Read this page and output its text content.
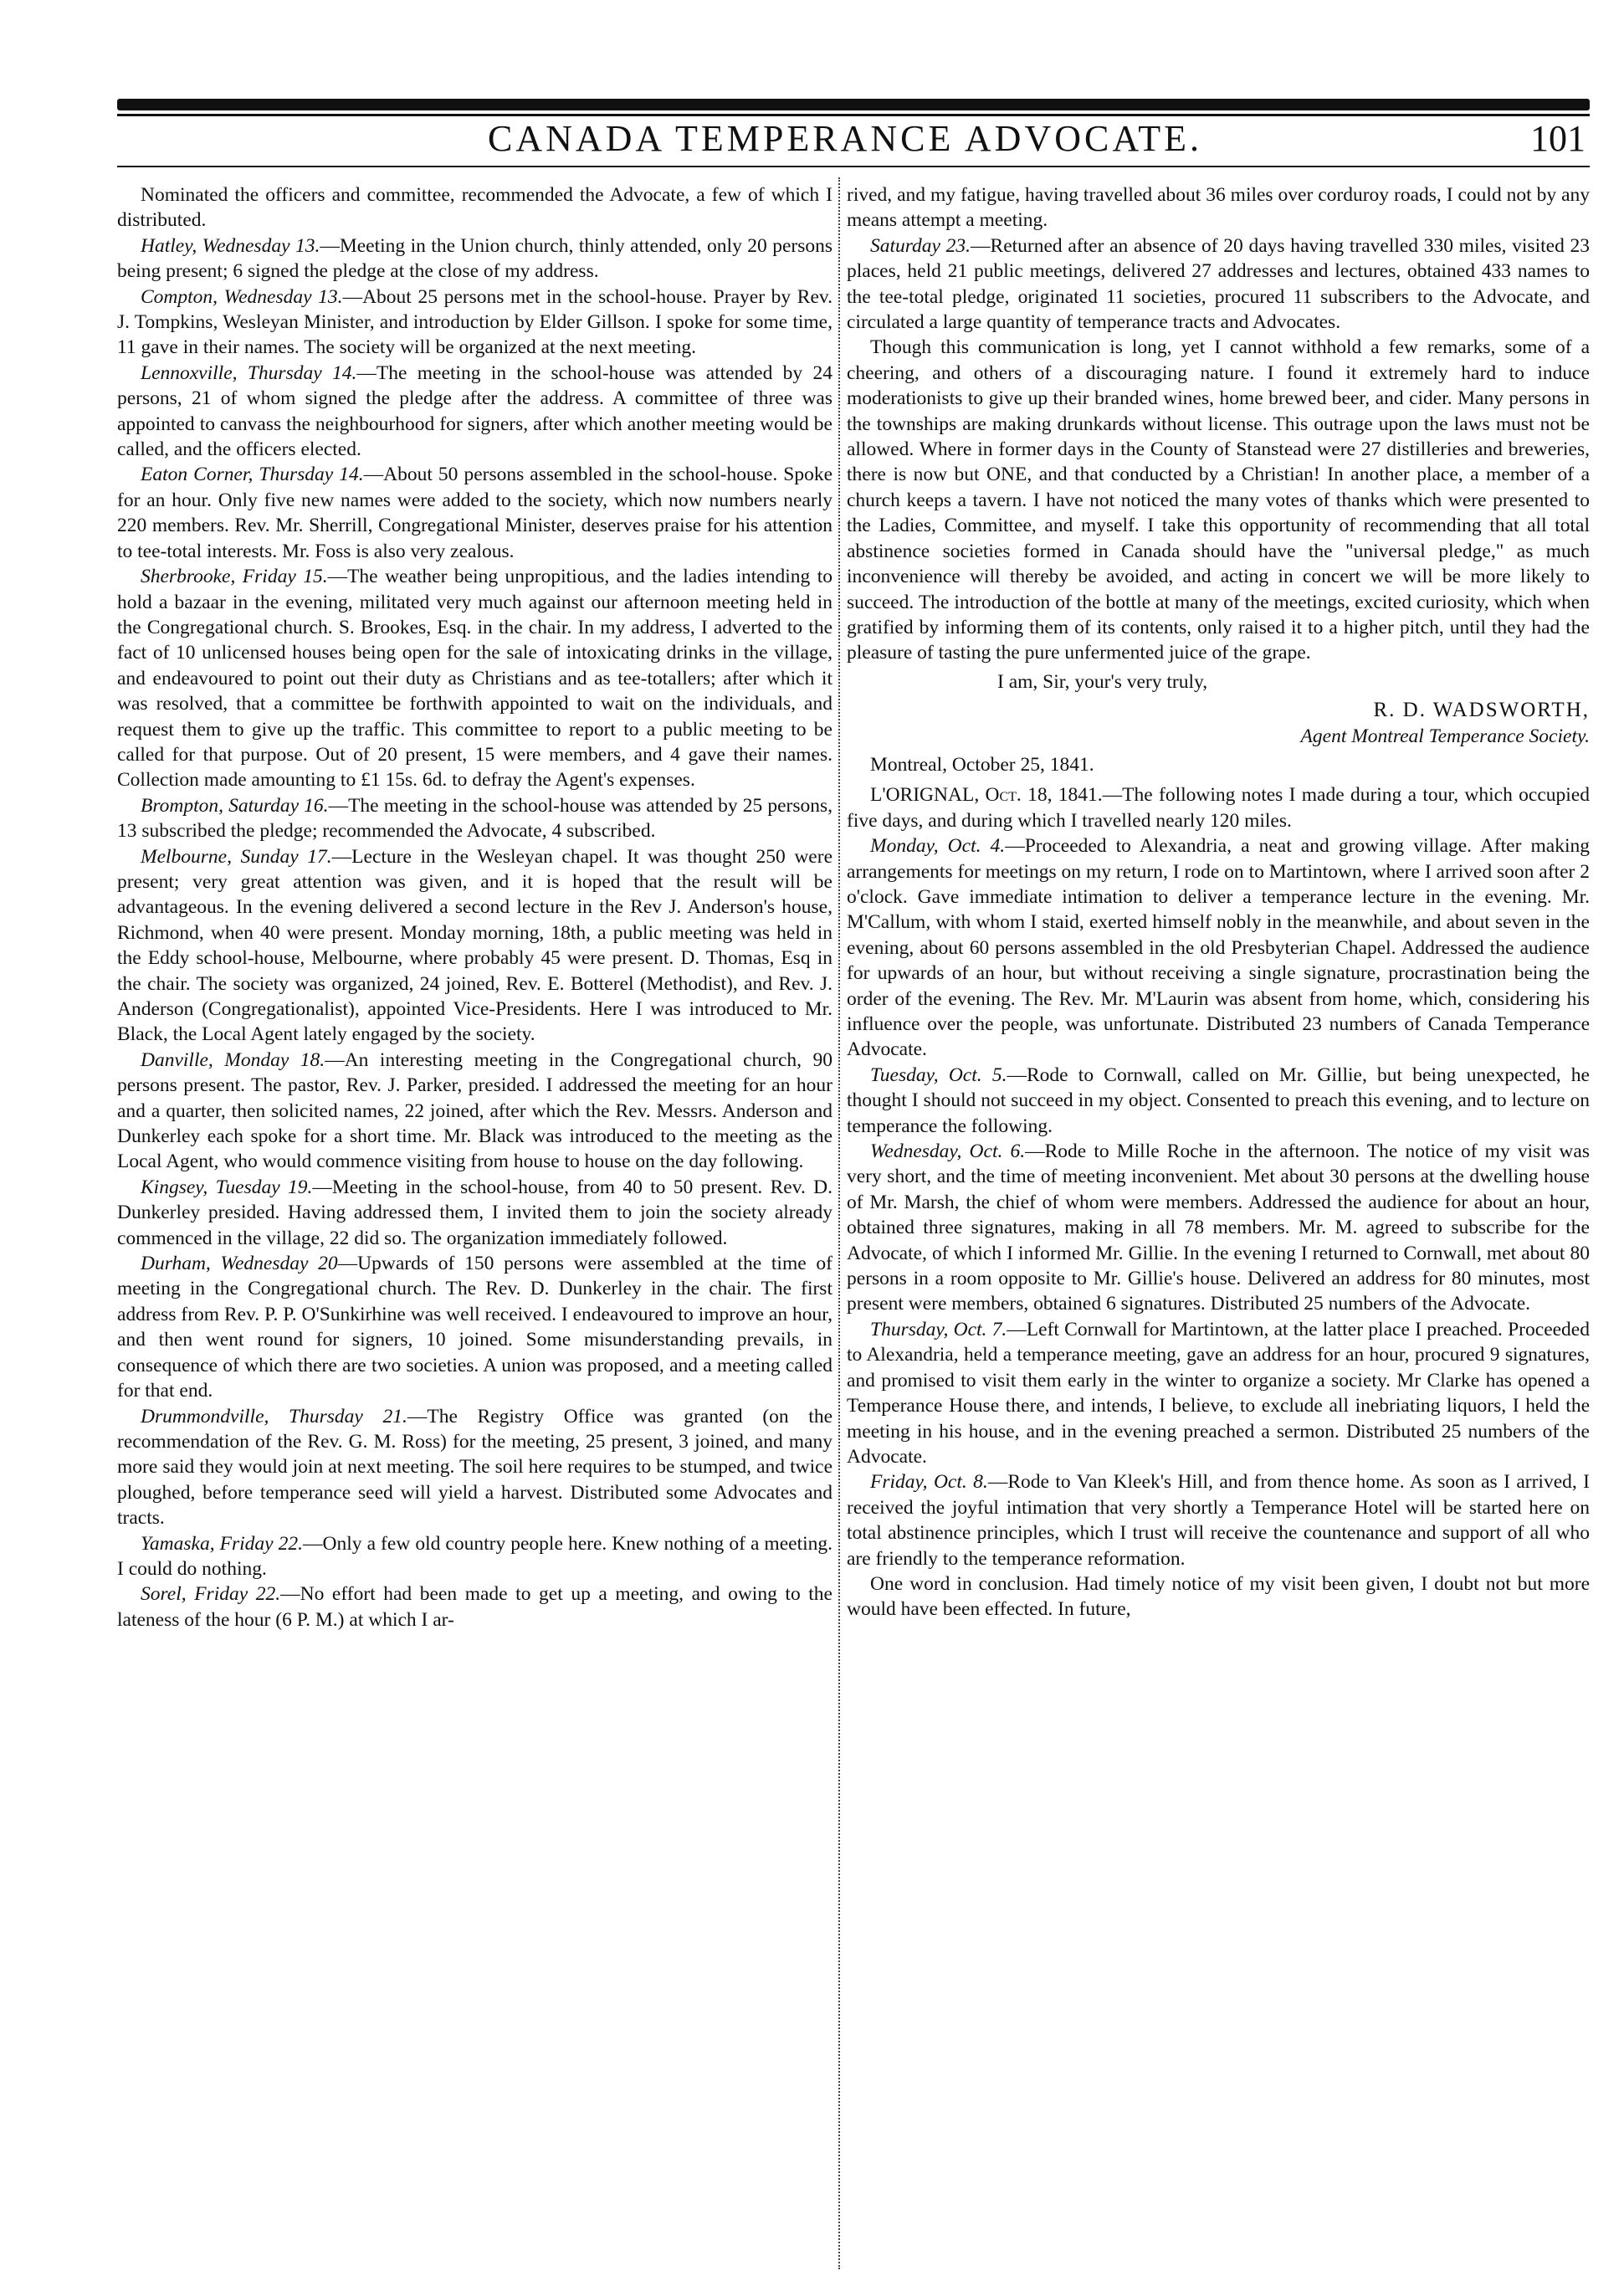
CANADA TEMPERANCE ADVOCATE.	101

Nominated the officers and committee, recommended the Advocate, a few of which I distributed.

Hatley, Wednesday 13.—Meeting in the Union church, thinly attended, only 20 persons being present; 6 signed the pledge at the close of my address.

Compton, Wednesday 13.—About 25 persons met in the school-house. Prayer by Rev. J. Tompkins, Wesleyan Minister, and introduction by Elder Gillson. I spoke for some time, 11 gave in their names. The society will be organized at the next meeting.

Lennoxville, Thursday 14.—The meeting in the school-house was attended by 24 persons, 21 of whom signed the pledge after the address. A committee of three was appointed to canvass the neighbourhood for signers, after which another meeting would be called, and the officers elected.

Eaton Corner, Thursday 14.—About 50 persons assembled in the school-house. Spoke for an hour. Only five new names were added to the society, which now numbers nearly 220 members. Rev. Mr. Sherrill, Congregational Minister, deserves praise for his attention to tee-total interests. Mr. Foss is also very zealous.

Sherbrooke, Friday 15.—The weather being unpropitious, and the ladies intending to hold a bazaar in the evening, militated very much against our afternoon meeting held in the Congregational church. S. Brookes, Esq. in the chair. In my address, I adverted to the fact of 10 unlicensed houses being open for the sale of intoxicating drinks in the village, and endeavoured to point out their duty as Christians and as tee-totallers; after which it was resolved, that a committee be forthwith appointed to wait on the individuals, and request them to give up the traffic. This committee to report to a public meeting to be called for that purpose. Out of 20 present, 15 were members, and 4 gave their names. Collection made amounting to £1 15s. 6d. to defray the Agent's expenses.

Brompton, Saturday 16.—The meeting in the school-house was attended by 25 persons, 13 subscribed the pledge; recommended the Advocate, 4 subscribed.

Melbourne, Sunday 17.—Lecture in the Wesleyan chapel. It was thought 250 were present; very great attention was given, and it is hoped that the result will be advantageous. In the evening delivered a second lecture in the Rev J. Anderson's house, Richmond, when 40 were present. Monday morning, 18th, a public meeting was held in the Eddy school-house, Melbourne, where probably 45 were present. D. Thomas, Esq in the chair. The society was organized, 24 joined, Rev. E. Botterel (Methodist), and Rev. J. Anderson (Congregationalist), appointed Vice-Presidents. Here I was introduced to Mr. Black, the Local Agent lately engaged by the society.

Danville, Monday 18.—An interesting meeting in the Congregational church, 90 persons present. The pastor, Rev. J. Parker, presided. I addressed the meeting for an hour and a quarter, then solicited names, 22 joined, after which the Rev. Messrs. Anderson and Dunkerley each spoke for a short time. Mr. Black was introduced to the meeting as the Local Agent, who would commence visiting from house to house on the day following.

Kingsey, Tuesday 19.—Meeting in the school-house, from 40 to 50 present. Rev. D. Dunkerley presided. Having addressed them, I invited them to join the society already commenced in the village, 22 did so. The organization immediately followed.

Durham, Wednesday 20—Upwards of 150 persons were assembled at the time of meeting in the Congregational church. The Rev. D. Dunkerley in the chair. The first address from Rev. P. P. O'Sunkirhine was well received. I endeavoured to improve an hour, and then went round for signers, 10 joined. Some misunderstanding prevails, in consequence of which there are two societies. A union was proposed, and a meeting called for that end.

Drummondville, Thursday 21.—The Registry Office was granted (on the recommendation of the Rev. G. M. Ross) for the meeting, 25 present, 3 joined, and many more said they would join at next meeting. The soil here requires to be stumped, and twice ploughed, before temperance seed will yield a harvest. Distributed some Advocates and tracts.

Yamaska, Friday 22.—Only a few old country people here. Knew nothing of a meeting. I could do nothing.

Sorel, Friday 22.—No effort had been made to get up a meeting, and owing to the lateness of the hour (6 P. M.) at which I ar-

rived, and my fatigue, having travelled about 36 miles over corduroy roads, I could not by any means attempt a meeting.

Saturday 23.—Returned after an absence of 20 days having travelled 330 miles, visited 23 places, held 21 public meetings, delivered 27 addresses and lectures, obtained 433 names to the tee-total pledge, originated 11 societies, procured 11 subscribers to the Advocate, and circulated a large quantity of temperance tracts and Advocates.

Though this communication is long, yet I cannot withhold a few remarks, some of a cheering, and others of a discouraging nature. I found it extremely hard to induce moderationists to give up their branded wines, home brewed beer, and cider. Many persons in the townships are making drunkards without license. This outrage upon the laws must not be allowed. Where in former days in the County of Stanstead were 27 distilleries and breweries, there is now but ONE, and that conducted by a Christian! In another place, a member of a church keeps a tavern. I have not noticed the many votes of thanks which were presented to the Ladies, Committee, and myself. I take this opportunity of recommending that all total abstinence societies formed in Canada should have the "universal pledge," as much inconvenience will thereby be avoided, and acting in concert we will be more likely to succeed. The introduction of the bottle at many of the meetings, excited curiosity, which when gratified by informing them of its contents, only raised it to a higher pitch, until they had the pleasure of tasting the pure unfermented juice of the grape.

I am, Sir, your's very truly,

R. D. WADSWORTH,

Agent Montreal Temperance Society.

Montreal, October 25, 1841.

L'ORIGNAL, Oct. 18, 1841.—The following notes I made during a tour, which occupied five days, and during which I travelled nearly 120 miles.

Monday, Oct. 4.—Proceeded to Alexandria, a neat and growing village. After making arrangements for meetings on my return, I rode on to Martintown, where I arrived soon after 2 o'clock. Gave immediate intimation to deliver a temperance lecture in the evening. Mr. M'Callum, with whom I staid, exerted himself nobly in the meanwhile, and about seven in the evening, about 60 persons assembled in the old Presbyterian Chapel. Addressed the audience for upwards of an hour, but without receiving a single signature, procrastination being the order of the evening. The Rev. Mr. M'Laurin was absent from home, which, considering his influence over the people, was unfortunate. Distributed 23 numbers of Canada Temperance Advocate.

Tuesday, Oct. 5.—Rode to Cornwall, called on Mr. Gillie, but being unexpected, he thought I should not succeed in my object. Consented to preach this evening, and to lecture on temperance the following.

Wednesday, Oct. 6.—Rode to Mille Roche in the afternoon. The notice of my visit was very short, and the time of meeting inconvenient. Met about 30 persons at the dwelling house of Mr. Marsh, the chief of whom were members. Addressed the audience for about an hour, obtained three signatures, making in all 78 members. Mr. M. agreed to subscribe for the Advocate, of which I informed Mr. Gillie. In the evening I returned to Cornwall, met about 80 persons in a room opposite to Mr. Gillie's house. Delivered an address for 80 minutes, most present were members, obtained 6 signatures. Distributed 25 numbers of the Advocate.

Thursday, Oct. 7.—Left Cornwall for Martintown, at the latter place I preached. Proceeded to Alexandria, held a temperance meeting, gave an address for an hour, procured 9 signatures, and promised to visit them early in the winter to organize a society. Mr Clarke has opened a Temperance House there, and intends, I believe, to exclude all inebriating liquors, I held the meeting in his house, and in the evening preached a sermon. Distributed 25 numbers of the Advocate.

Friday, Oct. 8.—Rode to Van Kleek's Hill, and from thence home. As soon as I arrived, I received the joyful intimation that very shortly a Temperance Hotel will be started here on total abstinence principles, which I trust will receive the countenance and support of all who are friendly to the temperance reformation.

One word in conclusion. Had timely notice of my visit been given, I doubt not but more would have been effected. In future,
